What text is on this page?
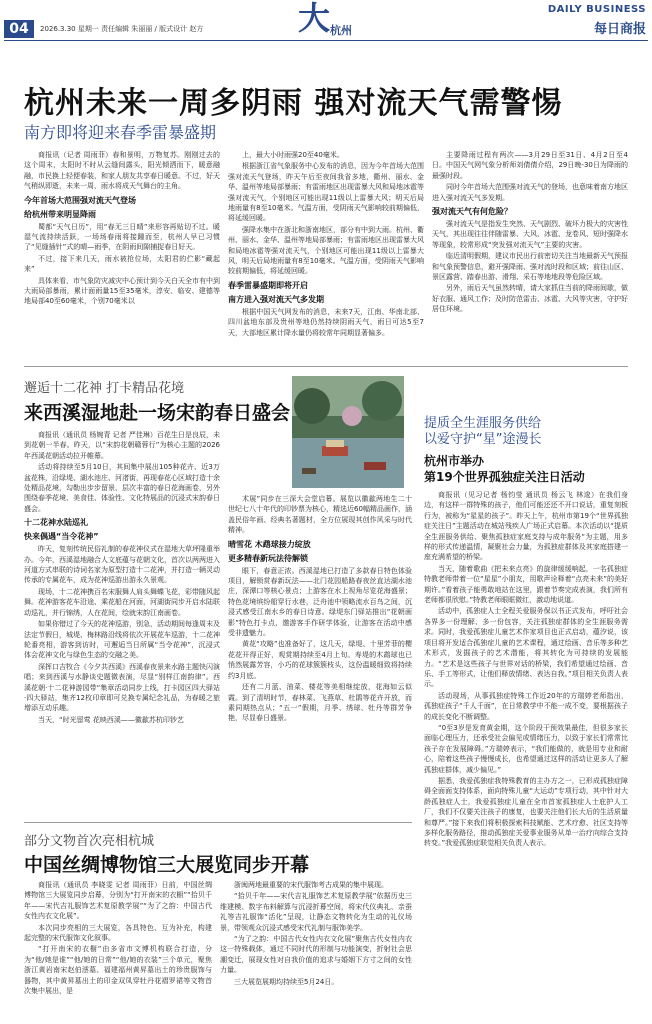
04	2026.3.30 星期一 责任编辑 朱丽丽 / 版式设计 赵方	大 杭州
DAILY BUSINESS
每日商报
杭州未来一周多阴雨 强对流天气需警惕
南方即将迎来春季雷暴盛期

商报讯（记者 周雨菲）春和景明，万物复苏。刚刚过去的这个周末，太阳时不时从云缝间露头，阳光倾洒而下，暖意融融，市民换上轻便春装，和家人朋友共享春日暖意。不过，好天气稍纵即逝，未来一周，雨水将成天气舞台的主角。

今年首场大范围强对流天气登场

给杭州带来明显降雨

蜀都“天气日历”，用“春无三日晴”来形容再贴切不过。暖湿气流持续活跃，一场场春雨将接踵而至，杭州人早已习惯了“见缝插针”式的晴—雨季，在阴雨间隙捕捉春日好天。

不过，接下来几天，雨水被抢位场，太阳君的伫影“藏起来”

具体来看，市气象防灾减灾中心预计到今天白天全市有中到大雨局部暴雨，累计面雨量15至35毫米，淳安、临安、建德等地局部40至60毫米，个别70毫米以

上，最大小时雨强20至40毫米。

根据浙江省气象服务中心发布的消息，因为今年首场大范围强对流天气登场，昨天午后至夜间我省多地，衢州、丽水、金华、温州等地局部暴雨；有雷雨地区出现雷暴大风和局地冰雹等强对流天气，个别地区可能出现11级以上雷暴大风；明天后局地雨量有8至10毫米。气温方面，受阴雨天气影响较前期偏低，将延缓回暖。

强降水集中在浙北和浙南地区，部分有中到大雨。杭州、衢州、丽水、金华、温州等地局部暴雨；有雷雨地区出现雷暴大风和局地冰雹等强对流天气，个别地区可能出现11级以上雷暴大风，明天后局地雨量有8至10毫米。气温方面，受阴雨天气影响较前期偏低，将延缓回暖。

春季雷暴盛期即将开启

南方进入强对流天气多发期

根据中国天气网发布的消息，未来7天，江南、华南北部、四川盆地东部及贵州等地仍然持续阴雨天气，雨日可达5至7天，大部地区累计降水量仍将较常年同期显著偏多。

主要降雨过程有两次——3月29日至31日、4月2日至4日。中国天气网气象分析师刘倩倩介绍，29日晚-30日为降雨的最强时段。

同时今年首场大范围强对流天气的登场，也意味着南方地区进入强对流天气多发期。

强对流天气有何危险？

强对流天气是指发生突然、天气剧烈、破坏力极大的灾害性天气，其出现往往伴随雷暴、大风、冰雹、龙卷风、短时强降水等现象，较常形成“突发强对流天气”主要的灾害。

临近清明假期，建议市民出行前密切关注当地最新天气预报和气象预警信息，避开强降雨、强对流时段和区域；前往山区、景区露营、踏春出游、滑翔、采石等地地段等危险区域。

另外，雨后天气虽然转晴，请大家抓住当前的降雨间歇，做好衣服、通风工作；及时防范雷击、冰雹、大风等灾害，守护好居住环境。

邂逅十二花神 打卡精品花境
来西溪湿地赴一场宋韵春日盛会

商报讯（通讯员 杨婉青 记者 严佳琳）百花生日是良辰，未到花朝一半春。昨天，以“宋韵花朝赣蓉行”为核心主题的2026年西溪花朝活动拉开帷幕。

活动将持续至5月10日，其间集中展出105种花卉、近3万盆花株，沿绿堤、湖水池庄、河渚街，再现春花心区域打造十余处精品花境，勾勒出步步留景、层次丰富的春日花海画卷，另外围绕春季花境、美食佳、体验性、文化特展品的沉浸式宋韵春日盛会。

十二花神水陆巡礼

快来偶遇“当令花神”

昨天，复刻传统民俗礼制的春花神仪式在湿地大草坪隆重举办。今年，西溪湿地融合人文底蕴与花朝文化，首次以两两进入河道方式串联的诗词名家为原型打造十二花神，并打造一辆灵动传承的专属花车，成为花神巡游出游永久景观。

现场，十二花神携百名宋服舞人肩头舞蝶飞花，彩带随风起舞。花神游客花车沿途、乘花船在河面，河湖街同步开启水陆联动巡礼，并行锦绣，人在花间，绘就宋韵江南画卷。

如果你错过了今天的花神巡游，别急，活动期间每逢周末及法定节假日，城堤、梅林路沿线将依次开展花车巡游，十二花神轮番亮相，游客到访时，可邂逅当日所属“当令花神”，沉浸式体会花神文化与绿色生态的交融之美。

深挥口吉牧合《今夕共西溪》西溪春夜景来水路主题快闪演唱；来到西溪与水静谈史题微表演，尽显“别样江南韵律”。西溪花朝·十二花神游园带“集章活动同步上线，打卡园区四大驿站·四大驿站，集齐12枚印章即可兑换专属纪念礼品，为春暖之旅增添互动乐趣。

当天，“时光留莺 花映西溪——徽歙苏杭印钞艺

术展”同步在三深大会堂启幕。展览以徽歙两地生二十世纪七八十年代的印钞票为核心，精选近60幅精品画作，涵盖民俗年画、经典名著题材，全方位展现其创作风采与时代精神。

晴雪花 木鹉球接力绽放

更多精春新玩法待解锁

眼下，春意正浓。西溪湿地已打造了多款春日特色体验项目，解锁赏春新玩法——北门花园船路春夜丝直达湖水池庄，深潭口等核心景点；上游客在水上视角尽览花海盛景；特色花境缤纷船穿行水巷，泛舟池中领略流水百鸟之间，沉浸式感受江南水乡的春日诗意。绿堤东门驿站推出“花朝画影”特色打卡点，邀游客手作研学体验，让游客在活动中感受非遗魅力。

黄花“攻略”也准备好了，这几天，绿堤、十里芳菲的樱花花开得正好，观赏期持续至4月上旬。寿堤的木鹉球也已悄然展露芳容，小巧的花球簇簇枝头，这份温暖细致将持续约3月底。

还有二月蓝、油菜、楼花等美相继绽放，花海如云似霞。到了清明时节，春林菜、飞燕草、杜鹃等花卉开放，而素同期热点从；“五一”假期，月季、绣球、牡丹等群芳争艳，尽显春日盛景。

提质全生涯服务供给
以爱守护“星”途漫长
杭州市举办
第19个世界孤独症关注日活动

商报讯（见习记者 杨钧莹 通讯员 杨云飞 林逡）在我们身边，有这样一群特殊的孩子，他们可能还还不开口说话，重复刻板行为，被称为“星星的孩子”。昨天上午，杭州市第19个“世界孤独症关注日”主题活动在城站残疾人广场正式启幕。本次活动以“提质全生涯服务供给、聚焦孤独症家庭支持与成年服务”为主题，用多样的形式传递温情，凝聚社会力量，为孤独症群体及其家庭搭建一座充满希望的桥梁。

当天，随着歌曲《把未来点亮》的旋律缓缓响起，一名孤独症特教老师带着一位“星星”小朋友，用歌声诠释着“点亮未来”的美好期许。”看着孩子能勇敢地站在这里，跟着节奏完成表演，我们所有老师都很欣慰。”特教老师眼眶微红，激动地说道。

活动中，孤独症人士全程关爱服务保以书正式发布，呼吁社会各界多一份理解、多一份包容，关注孤独症群体的全生涯服务需求。同时，我爱孤独症儿童艺术作家项目也正式启动，蕴汐说，该项目将开发适合孤独症儿童的艺术课程，通过绘画、音乐等多种艺术形式，发掘孩子的艺术潜能，将其转化为可持续的发展能力。“艺术是这些孩子与世界对话的桥梁，我们希望通过绘画、音乐、手工等形式，让他们释放情绪、表达自我。”项目相关负责人表示。

活动现场，从事孤独症特殊工作近20年的方瑞婷老师指出，孤独症孩子“千人千面”，在日常教学中不能一成不变，要根据孩子的成长变化不断调整。

“0至3岁是发育黄金期，这个阶段干预效果最佳，但很多家长面临心理压力，还承受社会偏见或情绪压力，以致于家长们常常比孩子存在发展障碍。”方瑞婷表示，“我们能做的，就是用专业和耐心，陪着这些孩子慢慢成长，也希望通过这样的活动让更多人了解孤独症群体，减少偏见。”

据悉，我爱孤独症我特殊教育的主办方之一，已形成孤独症障碍全面面支持体系，面向特殊儿童“大运动”专项行动，其中针对大龄孤独症人士，我爱孤独症儿童在全市首家孤独症人士庇护人工厂，我们不仅要关注孩子的康复，也要关注他们长大后的生活质量和尊严。”接下来我们将积极探索科技赋能、艺术疗愈、社区支持等多样化服务路径，推动孤独症关爱事业服务从单一治疗向综合支持转变。”我爱孤独症联觉相关负责人表示。

部分文物首次亮相杭城
中国丝绸博物馆三大展览同步开幕

商报讯（通讯员 李晓雯 记者 周雨菲）日前，中国丝绸博物馆三大展览同步启幕，分别为“打开南宋的衣橱”“拾贝千年——宋代吉礼服饰艺术复原教学展”“为了之韵：中国古代女性内衣文化展”。

本次同步亮相的三大展览，各具特色、互为补充，构建起完整的宋代服饰文化叙事。

“打开南宋的衣橱”由多省市文博机构联合打造，分为“他/她是谁”“他/她的日常”“他/她的衣装”三个单元，聚焦浙江黄岩南宋赵伯澐墓、福建福州黄昇墓出土的珍贵服饰与器物，其中黄昇墓出土的印金双凤穿牡丹花褶罗裙等文物首次集中展出，是

浙闽两地最重要的宋代服饰考古成果的集中展现。

“拾贝千年——宋代吉礼服饰艺术复原教学展”依据历史三维建模、数字布料解算与沉浸折幕空间，将宋代仪典礼、亲蚕礼等吉礼服饰“活化”呈现，让静态文物转化为生动的礼仪场景，带领观众沉浸式感受宋代礼制与服饰美学。

“为了之韵：中国古代女性内衣文化展”聚焦古代女性内衣这一特殊载体，通过不同时代的形制与功能演变，折射社会思潮变迁，展现女性对自我价值的追求与婚姻下方寸之间的女性力量。

三大展览展期均持续至5月24日。
